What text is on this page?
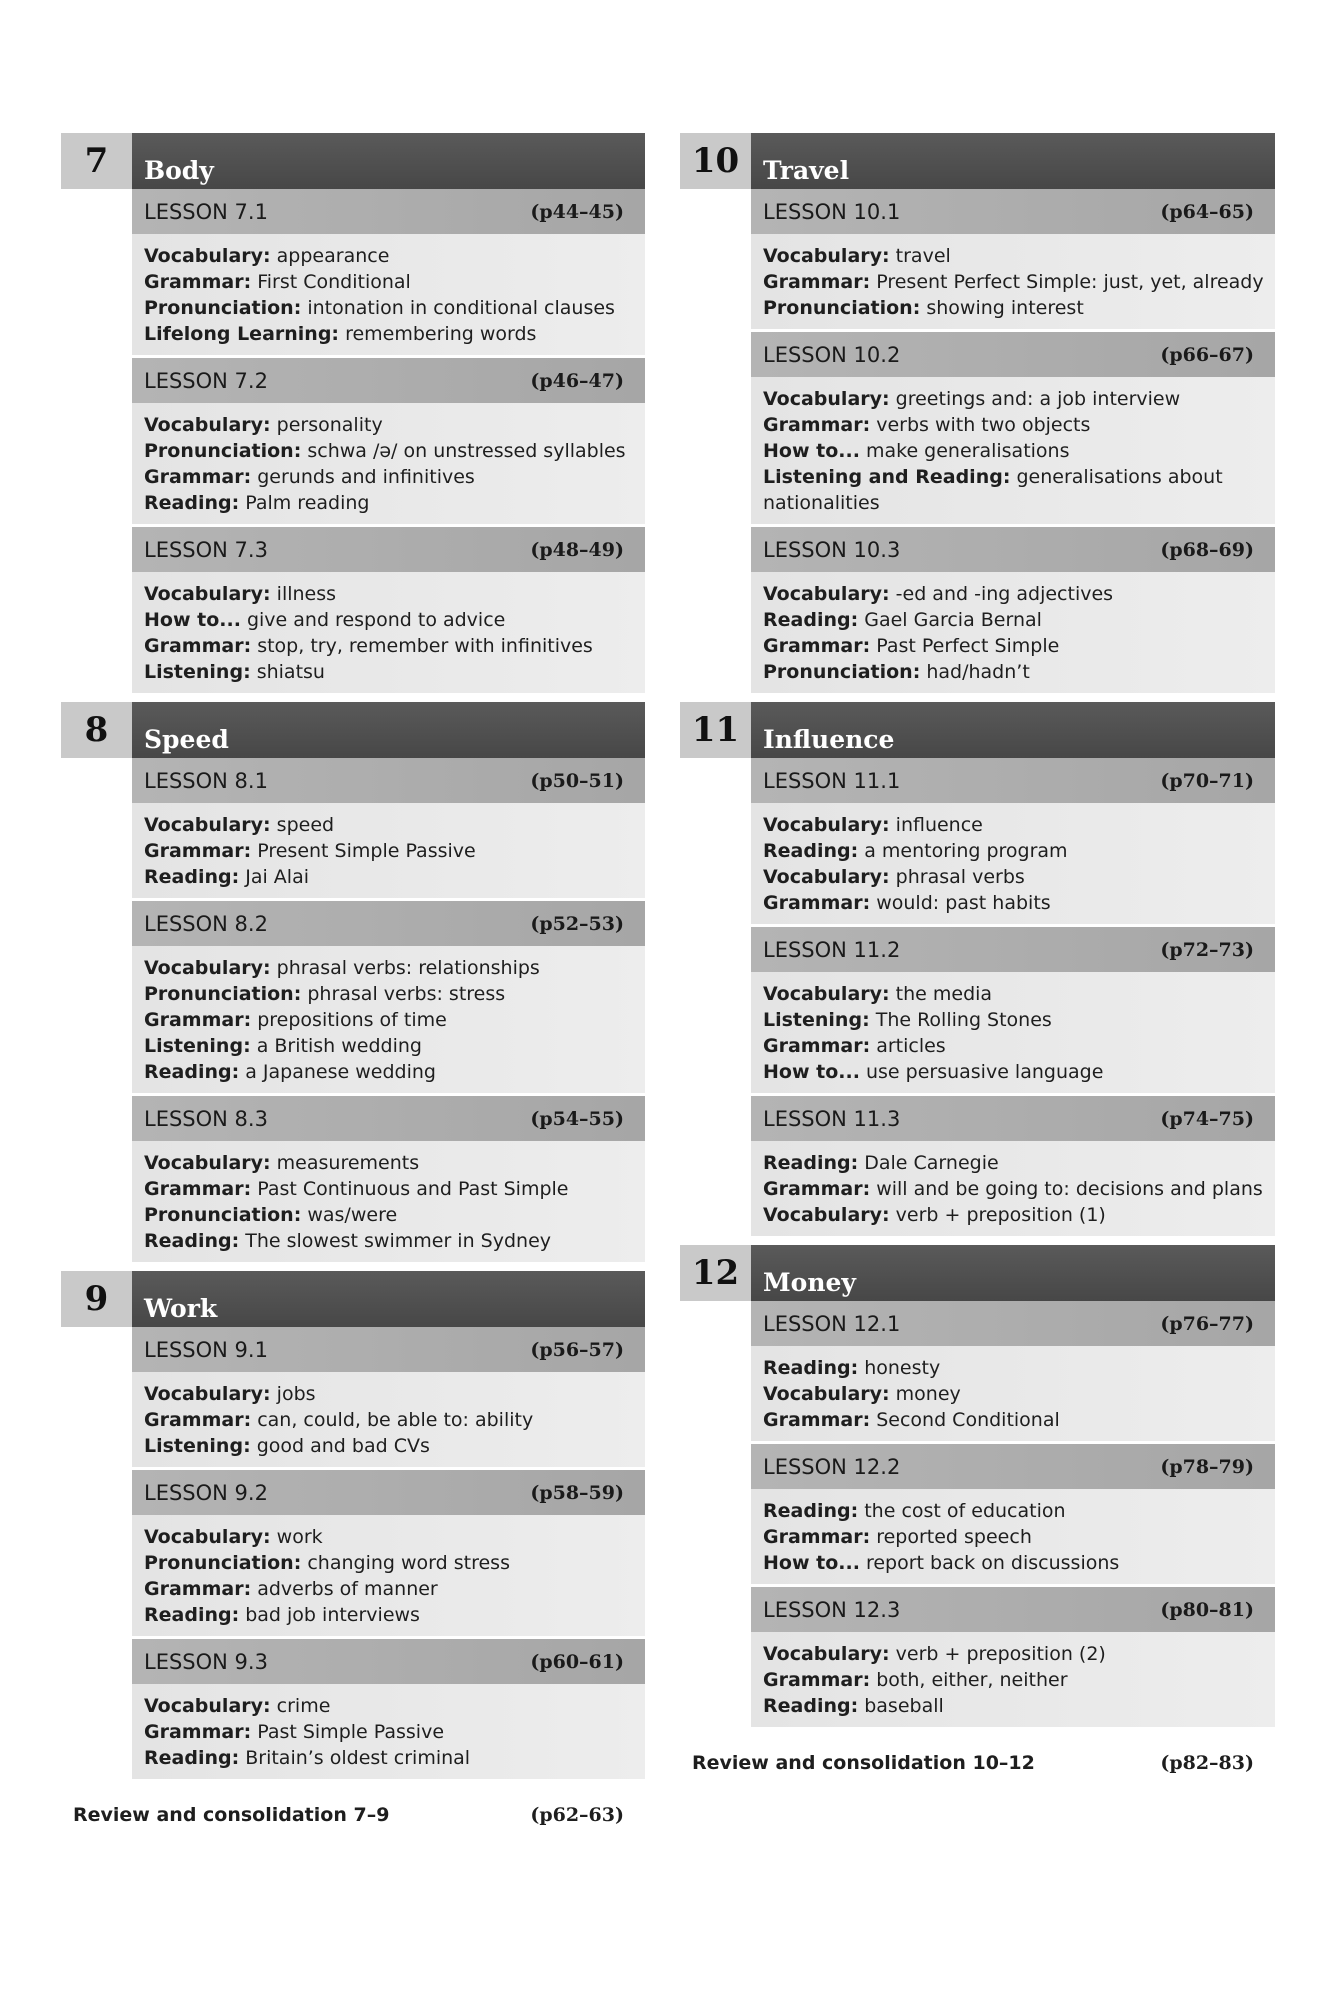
7	Body
LESSON 7.1	(p44–45)
Vocabulary: appearance
Grammar: First Conditional
Pronunciation: intonation in conditional clauses
Lifelong Learning: remembering words
LESSON 7.2	(p46–47)
Vocabulary: personality
Pronunciation: schwa /ə/ on unstressed syllables
Grammar: gerunds and infinitives
Reading: Palm reading
LESSON 7.3	(p48–49)
Vocabulary: illness
How to... give and respond to advice
Grammar: stop, try, remember with infinitives
Listening: shiatsu
8	Speed
LESSON 8.1	(p50–51)
Vocabulary: speed
Grammar: Present Simple Passive
Reading: Jai Alai
LESSON 8.2	(p52–53)
Vocabulary: phrasal verbs: relationships
Pronunciation: phrasal verbs: stress
Grammar: prepositions of time
Listening: a British wedding
Reading: a Japanese wedding
LESSON 8.3	(p54–55)
Vocabulary: measurements
Grammar: Past Continuous and Past Simple
Pronunciation: was/were
Reading: The slowest swimmer in Sydney
9	Work
LESSON 9.1	(p56–57)
Vocabulary: jobs
Grammar: can, could, be able to: ability
Listening: good and bad CVs
LESSON 9.2	(p58–59)
Vocabulary: work
Pronunciation: changing word stress
Grammar: adverbs of manner
Reading: bad job interviews
LESSON 9.3	(p60–61)
Vocabulary: crime
Grammar: Past Simple Passive
Reading: Britain’s oldest criminal
Review and consolidation 7–9	(p62–63)
10 Travel
LESSON 10.1	(p64–65)
Vocabulary: travel
Grammar: Present Perfect Simple: just, yet, already
Pronunciation: showing interest
LESSON 10.2	(p66–67)
Vocabulary: greetings and: a job interview
Grammar: verbs with two objects
How to... make generalisations
Listening and Reading: generalisations about nationalities
LESSON 10.3	(p68–69)
Vocabulary: -ed and -ing adjectives
Reading: Gael Garcia Bernal
Grammar: Past Perfect Simple
Pronunciation: had/hadn’t
11 Influence
LESSON 11.1	(p70–71)
Vocabulary: influence
Reading: a mentoring program
Vocabulary: phrasal verbs
Grammar: would: past habits
LESSON 11.2	(p72–73)
Vocabulary: the media
Listening: The Rolling Stones
Grammar: articles
How to... use persuasive language
LESSON 11.3	(p74–75)
Reading: Dale Carnegie
Grammar: will and be going to: decisions and plans
Vocabulary: verb + preposition (1)
12 Money
LESSON 12.1	(p76–77)
Reading: honesty
Vocabulary: money
Grammar: Second Conditional
LESSON 12.2	(p78–79)
Reading: the cost of education
Grammar: reported speech
How to... report back on discussions
LESSON 12.3	(p80–81)
Vocabulary: verb + preposition (2)
Grammar: both, either, neither
Reading: baseball
Review and consolidation 10–12	(p82–83)
